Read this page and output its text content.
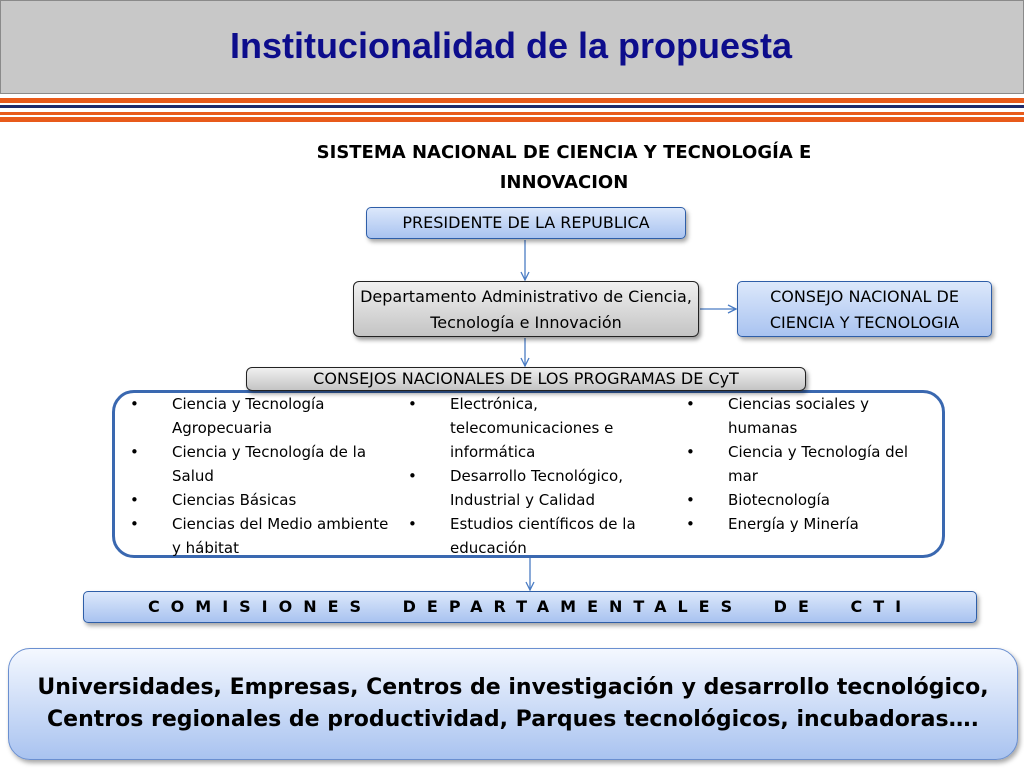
Institucionalidad de la propuesta
SISTEMA NACIONAL DE CIENCIA Y TECNOLOGÍA E INNOVACION
PRESIDENTE DE LA REPUBLICA
Departamento Administrativo de Ciencia, Tecnología e Innovación
CONSEJO NACIONAL DE CIENCIA Y TECNOLOGIA
CONSEJOS NACIONALES DE LOS PROGRAMAS DE CyT
• Ciencia y Tecnología Agropecuaria
• Ciencia y Tecnología de la Salud
• Ciencias Básicas
• Ciencias del Medio ambiente y hábitat
• Electrónica, telecomunicaciones e informática
• Desarrollo Tecnológico, Industrial y Calidad
• Estudios científicos de la educación
• Ciencias sociales y humanas
• Ciencia y Tecnología del mar
• Biotecnología
• Energía y Minería
COMISIONES DEPARTAMENTALES DE CTI
Universidades, Empresas, Centros de investigación y desarrollo tecnológico, Centros regionales de productividad, Parques tecnológicos, incubadoras….
